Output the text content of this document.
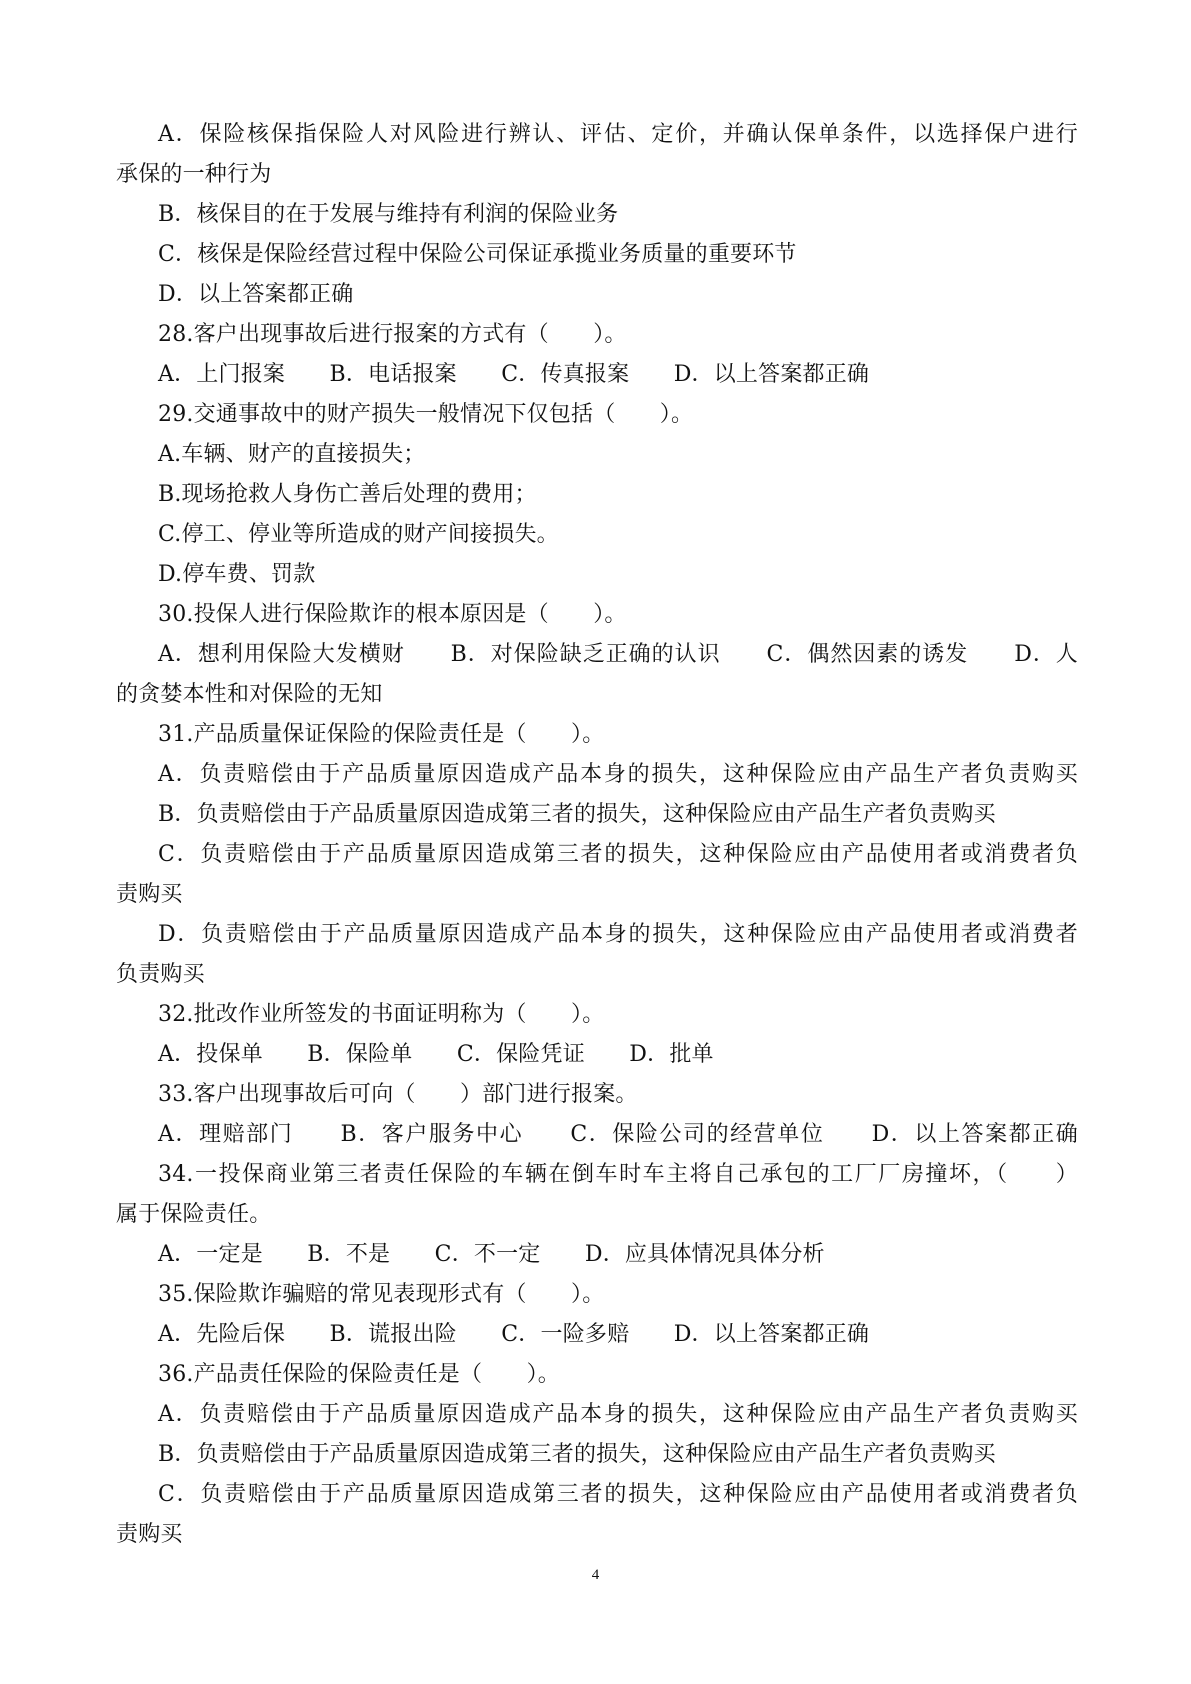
A．保险核保指保险人对风险进行辨认、评估、定价，并确认保单条件，以选择保户进行
承保的一种行为
B．核保目的在于发展与维持有利润的保险业务
C．核保是保险经营过程中保险公司保证承揽业务质量的重要环节
D．以上答案都正确
28.客户出现事故后进行报案的方式有（　　）。
A．上门报案　　B．电话报案　　C．传真报案　　D．以上答案都正确
29.交通事故中的财产损失一般情况下仅包括（　　）。
A.车辆、财产的直接损失；
B.现场抢救人身伤亡善后处理的费用；
C.停工、停业等所造成的财产间接损失。
D.停车费、罚款
30.投保人进行保险欺诈的根本原因是（　　）。
A．想利用保险大发横财　　B．对保险缺乏正确的认识　　C．偶然因素的诱发　　D．人
的贪婪本性和对保险的无知
31.产品质量保证保险的保险责任是（　　）。
A．负责赔偿由于产品质量原因造成产品本身的损失，这种保险应由产品生产者负责购买
B．负责赔偿由于产品质量原因造成第三者的损失，这种保险应由产品生产者负责购买
C．负责赔偿由于产品质量原因造成第三者的损失，这种保险应由产品使用者或消费者负
责购买
D．负责赔偿由于产品质量原因造成产品本身的损失，这种保险应由产品使用者或消费者
负责购买
32.批改作业所签发的书面证明称为（　　）。
A．投保单　　B．保险单　　C．保险凭证　　D．批单
33.客户出现事故后可向（　　）部门进行报案。
A．理赔部门　　B．客户服务中心　　C．保险公司的经营单位　　D．以上答案都正确
34.一投保商业第三者责任保险的车辆在倒车时车主将自己承包的工厂厂房撞坏，（　　）
属于保险责任。
A．一定是　　B．不是　　C．不一定　　D．应具体情况具体分析
35.保险欺诈骗赔的常见表现形式有（　　）。
A．先险后保　　B．谎报出险　　C．一险多赔　　D．以上答案都正确
36.产品责任保险的保险责任是（　　）。
A．负责赔偿由于产品质量原因造成产品本身的损失，这种保险应由产品生产者负责购买
B．负责赔偿由于产品质量原因造成第三者的损失，这种保险应由产品生产者负责购买
C．负责赔偿由于产品质量原因造成第三者的损失，这种保险应由产品使用者或消费者负
责购买
4
